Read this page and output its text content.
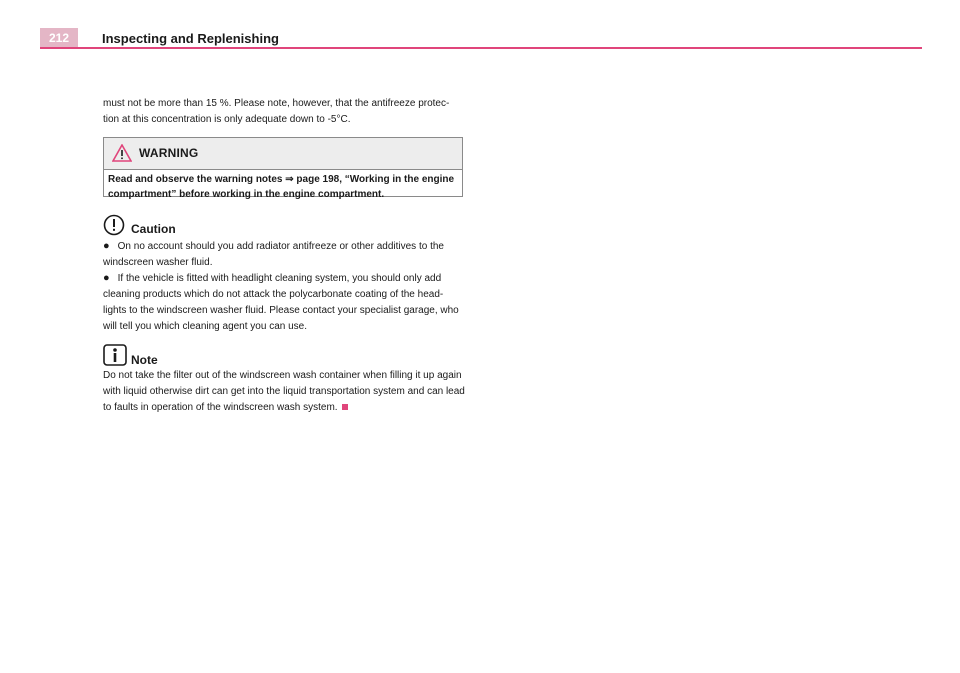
212	Inspecting and Replenishing

must not be more than 15 %. Please note, however, that the antifreeze protec-tion at this concentration is only adequate down to -5°C.

WARNING
Read and observe the warning notes ⇒ page 198, “Working in the engine compartment” before working in the engine compartment.
Caution
● On no account should you add radiator antifreeze or other additives to the windscreen washer fluid.
● If the vehicle is fitted with headlight cleaning system, you should only add cleaning products which do not attack the polycarbonate coating of the head-lights to the windscreen washer fluid. Please contact your specialist garage, who will tell you which cleaning agent you can use.
Note
Do not take the filter out of the windscreen wash container when filling it up again with liquid otherwise dirt can get into the liquid transportation system and can lead to faults in operation of the windscreen wash system.
